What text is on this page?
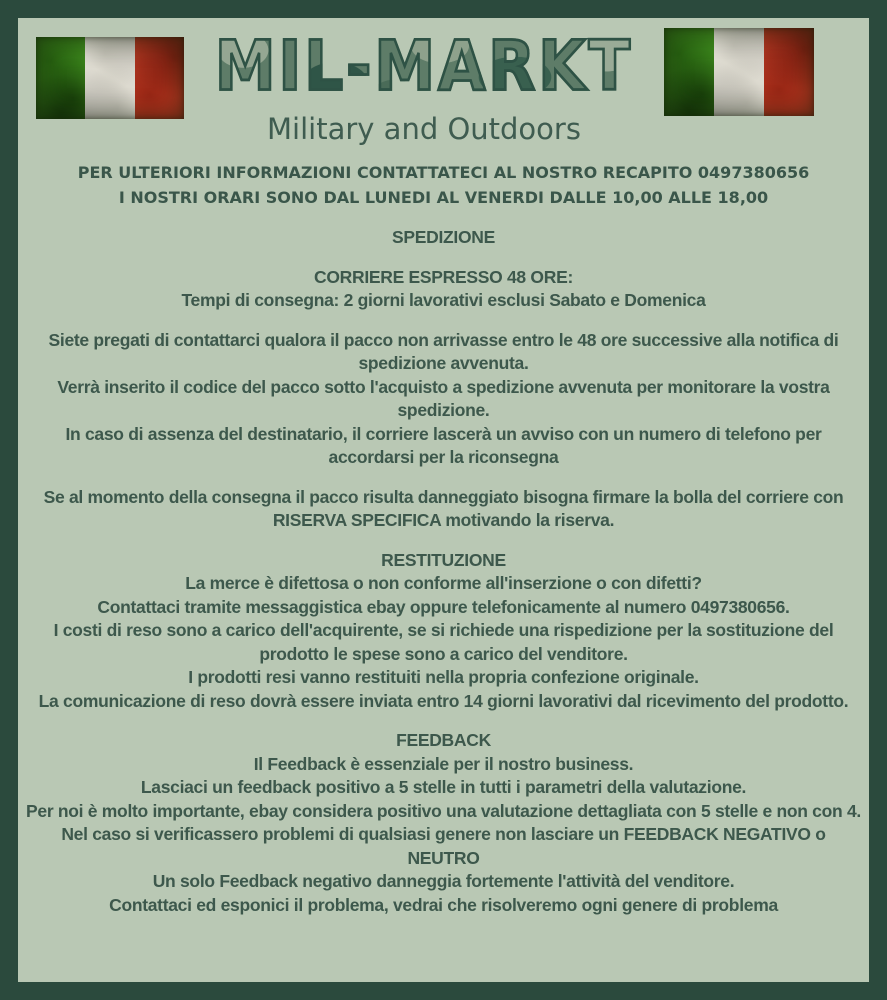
MIL-MARKT
Military and Outdoors

PER ULTERIORI INFORMAZIONI CONTATTATECI AL NOSTRO RECAPITO 0497380656

I NOSTRI ORARI SONO DAL LUNEDI AL VENERDI DALLE 10,00 ALLE 18,00

SPEDIZIONE

CORRIERE ESPRESSO 48 ORE:

Tempi di consegna: 2 giorni lavorativi esclusi Sabato e Domenica

Siete pregati di contattarci qualora il pacco non arrivasse entro le 48 ore successive alla notifica di spedizione avvenuta.

Verrà inserito il codice del pacco sotto l'acquisto a spedizione avvenuta per monitorare la vostra spedizione.

In caso di assenza del destinatario, il corriere lascerà un avviso con un numero di telefono per accordarsi per la riconsegna

Se al momento della consegna il pacco risulta danneggiato bisogna firmare la bolla del corriere con RISERVA SPECIFICA motivando la riserva.

RESTITUZIONE

La merce è difettosa o non conforme all'inserzione o con difetti?

Contattaci tramite messaggistica ebay oppure telefonicamente al numero 0497380656.

I costi di reso sono a carico dell'acquirente, se si richiede una rispedizione per la sostituzione del prodotto le spese sono a carico del venditore.

I prodotti resi vanno restituiti nella propria confezione originale.

La comunicazione di reso dovrà essere inviata entro 14 giorni lavorativi dal ricevimento del prodotto.

FEEDBACK

Il Feedback è essenziale per il nostro business.

Lasciaci un feedback positivo a 5 stelle in tutti i parametri della valutazione.

Per noi è molto importante, ebay considera positivo una valutazione dettagliata con 5 stelle e non con 4.

Nel caso si verificassero problemi di qualsiasi genere non lasciare un FEEDBACK NEGATIVO o NEUTRO

Un solo Feedback negativo danneggia fortemente l'attività del venditore.

Contattaci ed esponici il problema, vedrai che risolveremo ogni genere di problema
